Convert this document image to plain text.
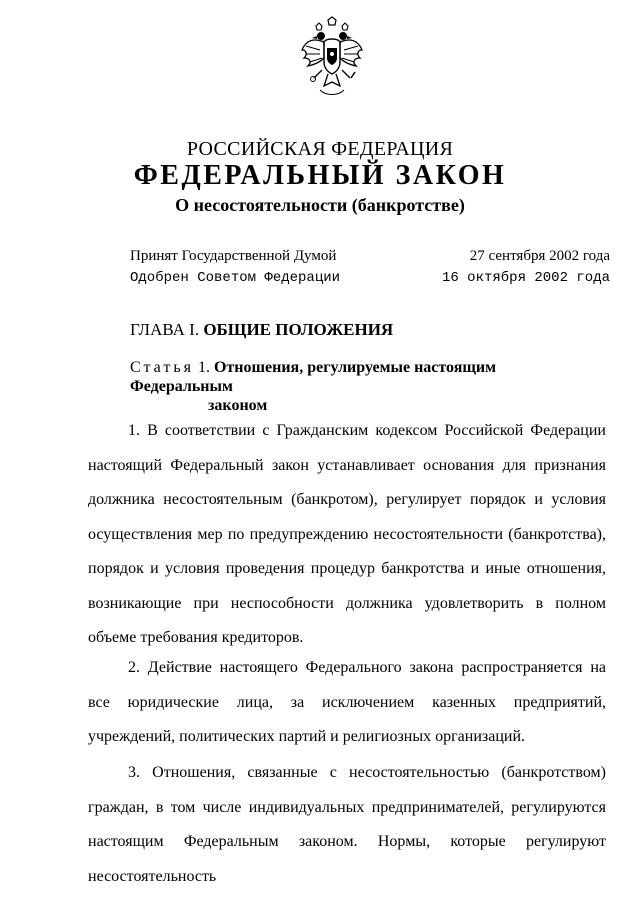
РОССИЙСКАЯ ФЕДЕРАЦИЯ
ФЕДЕРАЛЬНЫЙ ЗАКОН
О несостоятельности (банкротстве)
Принят Государственной Думой	27 сентября 2002 года
Одобрен Советом Федерации	16 октября 2002 года
ГЛАВА I. ОБЩИЕ ПОЛОЖЕНИЯ
Статья 1. Отношения, регулируемые настоящим Федеральным
законом

1. В соответствии с Гражданским кодексом Российской Федерации настоящий Федеральный закон устанавливает основания для признания должника несостоятельным (банкротом), регулирует порядок и условия осуществления мер по предупреждению несостоятельности (банкротства), порядок и условия проведения процедур банкротства и иные отношения, возникающие при неспособности должника удовлетворить в полном объеме требования кредиторов.

2. Действие настоящего Федерального закона распространяется на все юридические лица, за исключением казенных предприятий, учреждений, политических партий и религиозных организаций.

3. Отношения, связанные с несостоятельностью (банкротством) граждан, в том числе индивидуальных предпринимателей, регулируются настоящим Федеральным законом. Нормы, которые регулируют несостоятельность
